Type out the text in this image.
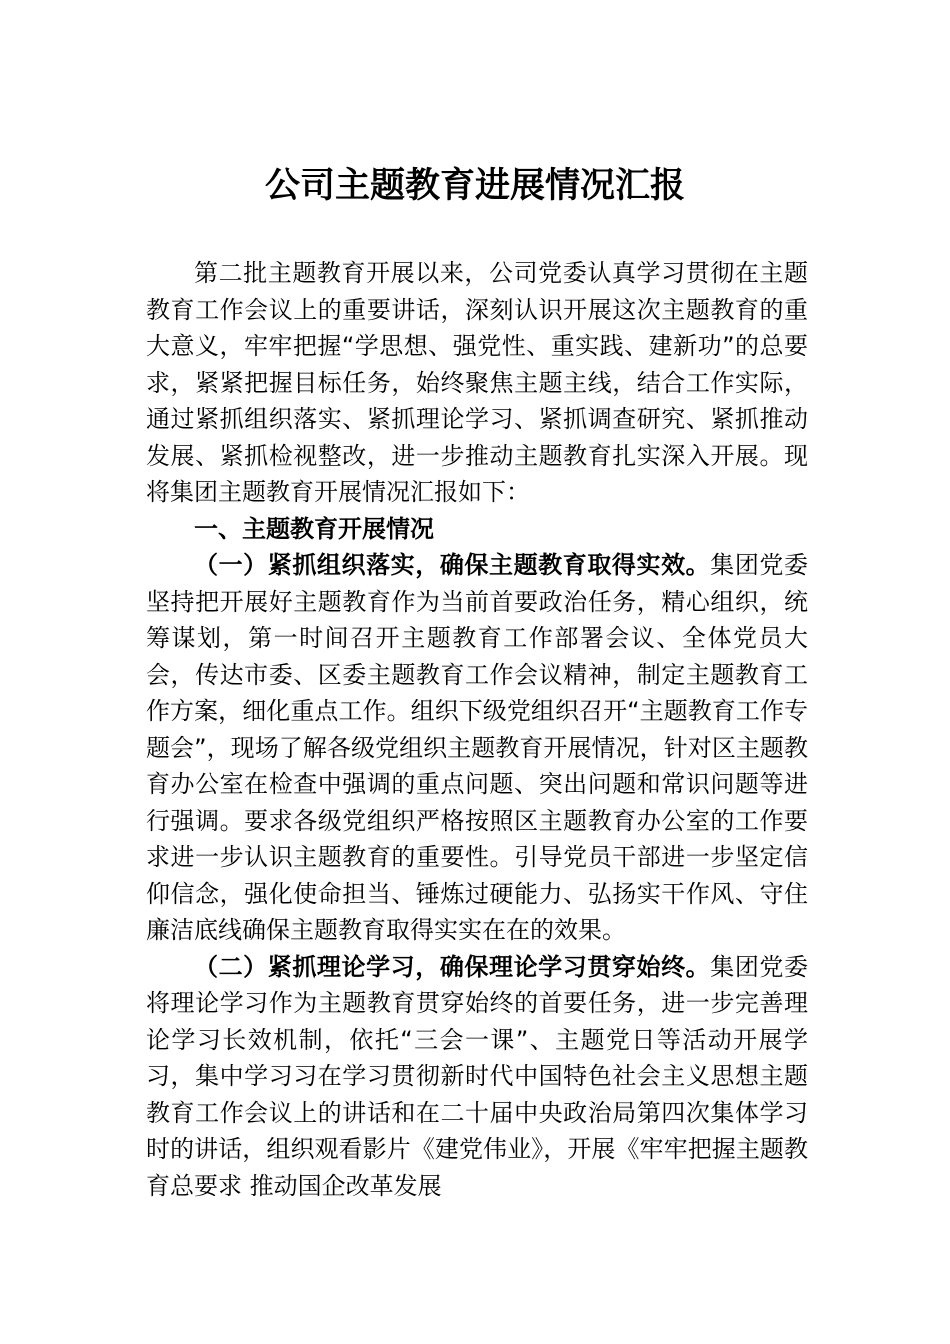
公司主题教育进展情况汇报

第二批主题教育开展以来，公司党委认真学习贯彻在主题教育工作会议上的重要讲话，深刻认识开展这次主题教育的重大意义，牢牢把握“学思想、强党性、重实践、建新功”的总要求，紧紧把握目标任务，始终聚焦主题主线，结合工作实际，通过紧抓组织落实、紧抓理论学习、紧抓调查研究、紧抓推动发展、紧抓检视整改，进一步推动主题教育扎实深入开展。现将集团主题教育开展情况汇报如下：

一、主题教育开展情况

（一）紧抓组织落实，确保主题教育取得实效。集团党委坚持把开展好主题教育作为当前首要政治任务，精心组织，统筹谋划，第一时间召开主题教育工作部署会议、全体党员大会，传达市委、区委主题教育工作会议精神，制定主题教育工作方案，细化重点工作。组织下级党组织召开“主题教育工作专题会”，现场了解各级党组织主题教育开展情况，针对区主题教育办公室在检查中强调的重点问题、突出问题和常识问题等进行强调。要求各级党组织严格按照区主题教育办公室的工作要求进一步认识主题教育的重要性。引导党员干部进一步坚定信仰信念，强化使命担当、锤炼过硬能力、弘扬实干作风、守住廉洁底线确保主题教育取得实实在在的效果。

（二）紧抓理论学习，确保理论学习贯穿始终。集团党委将理论学习作为主题教育贯穿始终的首要任务，进一步完善理论学习长效机制，依托“三会一课”、主题党日等活动开展学习，集中学习习在学习贯彻新时代中国特色社会主义思想主题教育工作会议上的讲话和在二十届中央政治局第四次集体学习时的讲话，组织观看影片《建党伟业》，开展《牢牢把握主题教育总要求 推动国企改革发展
